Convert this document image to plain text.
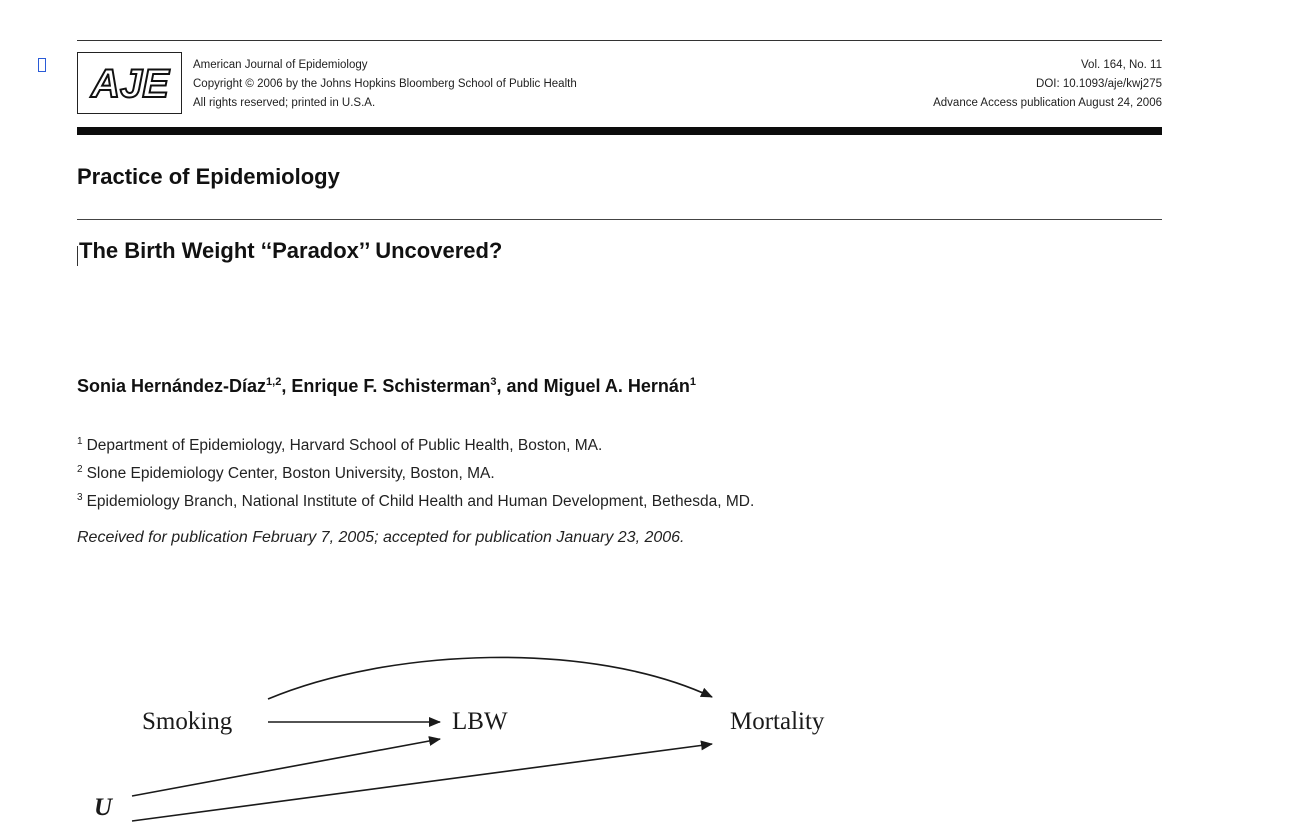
AJE American Journal of Epidemiology
Copyright © 2006 by the Johns Hopkins Bloomberg School of Public Health
All rights reserved; printed in U.S.A.
Vol. 164, No. 11
DOI: 10.1093/aje/kwj275
Advance Access publication August 24, 2006
Practice of Epidemiology
The Birth Weight ‘‘Paradox’’ Uncovered?
Sonia Hernández-Díaz$^{1,2}$, Enrique F. Schisterman$^3$, and Miguel A. Hernán$^1$
$^1$ Department of Epidemiology, Harvard School of Public Health, Boston, MA.
$^2$ Slone Epidemiology Center, Boston University, Boston, MA.
$^3$ Epidemiology Branch, National Institute of Child Health and Human Development, Bethesda, MD.
Received for publication February 7, 2005; accepted for publication January 23, 2006.
Smoking	LBW	Mortality
U
